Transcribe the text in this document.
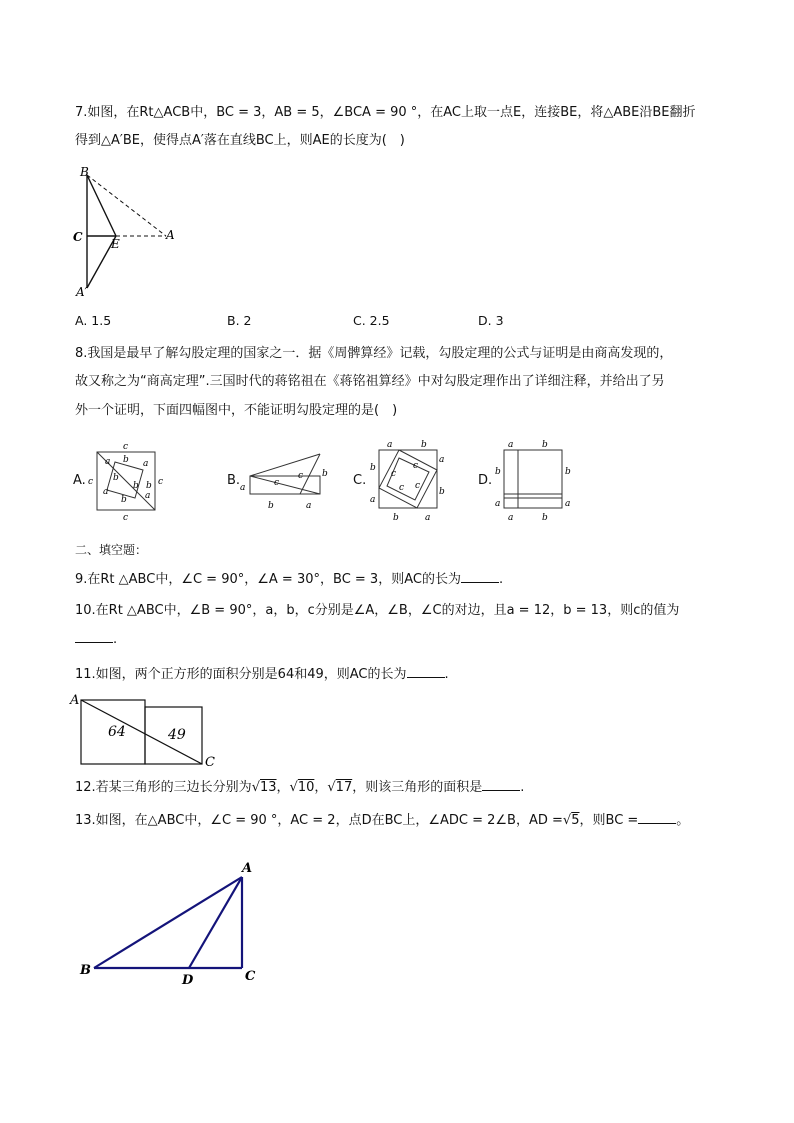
7.如图，在Rt△ACB中，BC = 3，AB = 5，∠BCA = 90 °，在AC上取一点E，连接BE，将△ABE沿BE翻折
得到△A′BE，使得点A′落在直线BC上，则AE的长度为(　)
B
C E
A
A′
A. 1.5	B. 2	C. 2.5	D. 3
8.我国是最早了解勾股定理的国家之一．据《周髀算经》记载，勾股定理的公式与证明是由商高发现的，
故又称之为“商高定理”.三国时代的蒋铭祖在《蒋铭祖算经》中对勾股定理作出了详细注释，并给出了另
外一个证明，下面四幅图中，不能证明勾股定理的是(　)
A.
c
a b a
c	c
b
b b
a
a
b
c
B. a	c
c
b	a
b C.
a	b
b
a
a
b
b	a
c
c
c c	D.
a	b
b	b
a	a
a	b
二、填空题：
9.在Rt △ABC中，∠C = 90°，∠A = 30°，BC = 3，则AC的长为	.
10.在Rt △ABC中，∠B = 90°，a，b，c分别是∠A，∠B，∠C的对边，且a = 12，b = 13，则c的值为
.
11.如图，两个正方形的面积分别是64和49，则AC的长为	.
A
C
64	49
12.若某三角形的三边长分别为√13，√10，√17，则该三角形的面积是	.
13.如图，在△ABC中，∠C = 90 °，AC = 2，点D在BC上，∠ADC = 2∠B，AD =√5，则BC =	。
A
B
D	C
